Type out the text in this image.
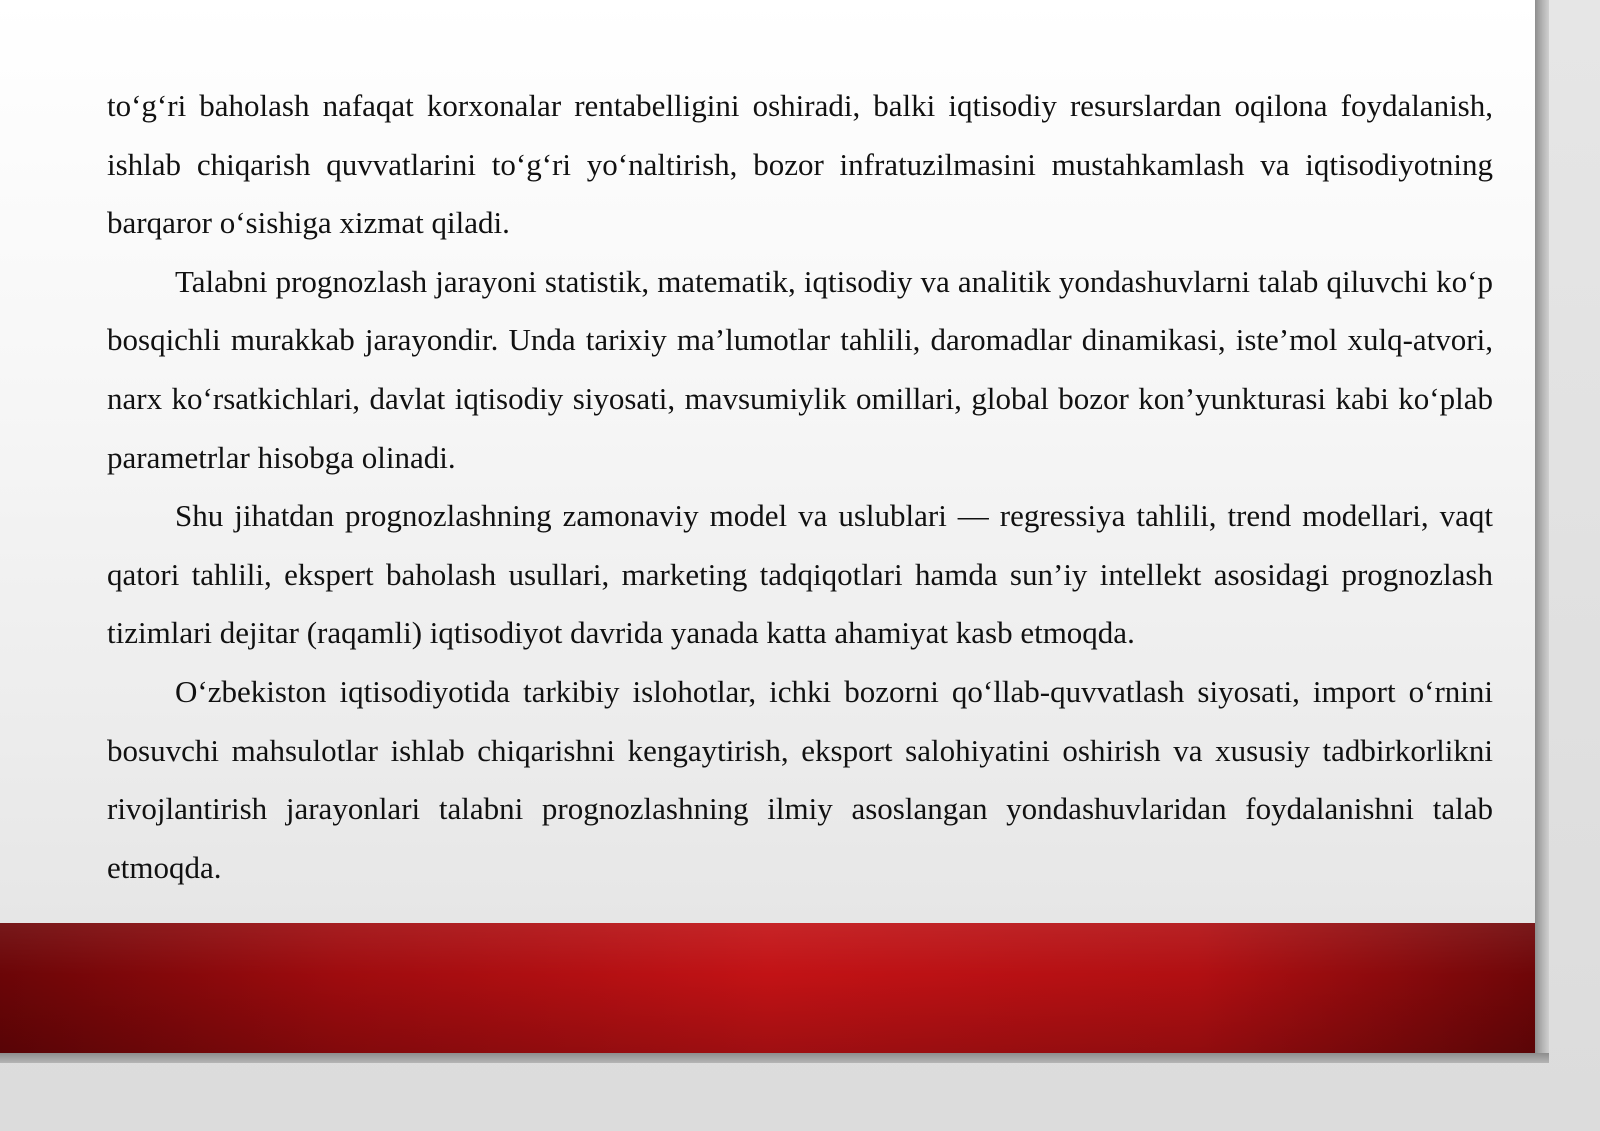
to‘g‘ri baholash nafaqat korxonalar rentabelligini oshiradi, balki iqtisodiy resurslardan oqilona foydalanish, ishlab chiqarish quvvatlarini to‘g‘ri yo‘naltirish, bozor infratuzilmasini mustahkamlash va iqtisodiyotning barqaror o‘sishiga xizmat qiladi.

Talabni prognozlash jarayoni statistik, matematik, iqtisodiy va analitik yondashuvlarni talab qiluvchi ko‘p bosqichli murakkab jarayondir. Unda tarixiy ma’lumotlar tahlili, daromadlar dinamikasi, iste’mol xulq-atvori, narx ko‘rsatkichlari, davlat iqtisodiy siyosati, mavsumiylik omillari, global bozor kon’yunkturasi kabi ko‘plab parametrlar hisobga olinadi.

Shu jihatdan prognozlashning zamonaviy model va uslublari — regressiya tahlili, trend modellari, vaqt qatori tahlili, ekspert baholash usullari, marketing tadqiqotlari hamda sun’iy intellekt asosidagi prognozlash tizimlari dejitar (raqamli) iqtisodiyot davrida yanada katta ahamiyat kasb etmoqda.

O‘zbekiston iqtisodiyotida tarkibiy islohotlar, ichki bozorni qo‘llab-quvvatlash siyosati, import o‘rnini bosuvchi mahsulotlar ishlab chiqarishni kengaytirish, eksport salohiyatini oshirish va xususiy tadbirkorlikni rivojlantirish jarayonlari talabni prognozlashning ilmiy asoslangan yondashuvlaridan foydalanishni talab etmoqda.
